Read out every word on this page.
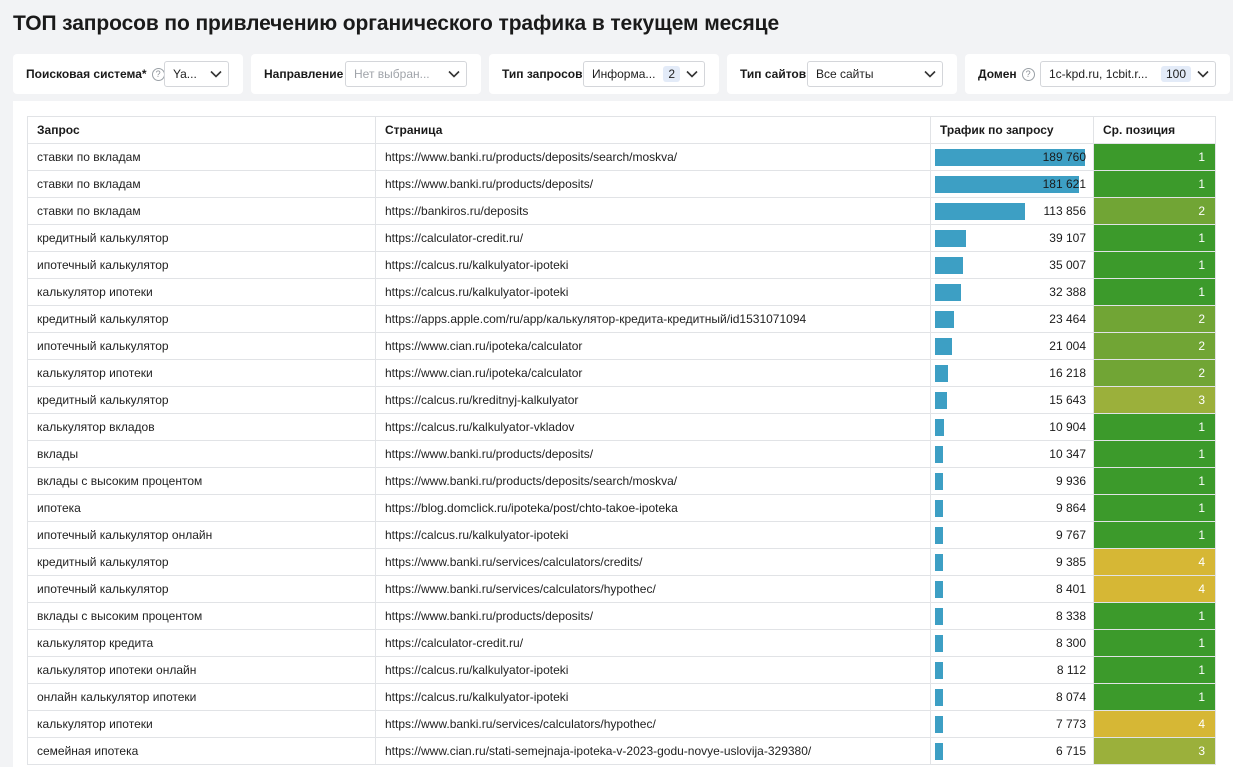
ТОП запросов по привлечению органического трафика в текущем месяце
Поисковая система* ?	Ya...	Направление Нет выбран...	Тип запросов Информа...	2	Тип сайтов Все сайты	Домен ?	1c-kpd.ru, 1cbit.r...	100
Запрос	Страница	Трафик по запросу	Ср. позиция
ставки по вкладам	https://www.banki.ru/products/deposits/search/moskva/	189 760	1
ставки по вкладам	https://www.banki.ru/products/deposits/	181 621	1
ставки по вкладам	https://bankiros.ru/deposits	113 856	2
кредитный калькулятор	https://calculator-credit.ru/	39 107	1
ипотечный калькулятор	https://calcus.ru/kalkulyator-ipoteki	35 007	1
калькулятор ипотеки	https://calcus.ru/kalkulyator-ipoteki	32 388	1
кредитный калькулятор	https://apps.apple.com/ru/app/калькулятор-кредита-кредитный/id1531071094	23 464	2
ипотечный калькулятор	https://www.cian.ru/ipoteka/calculator	21 004	2
калькулятор ипотеки	https://www.cian.ru/ipoteka/calculator	16 218	2
кредитный калькулятор	https://calcus.ru/kreditnyj-kalkulyator	15 643	3
калькулятор вкладов	https://calcus.ru/kalkulyator-vkladov	10 904	1
вклады	https://www.banki.ru/products/deposits/	10 347	1
вклады с высоким процентом	https://www.banki.ru/products/deposits/search/moskva/	9 936	1
ипотека	https://blog.domclick.ru/ipoteka/post/chto-takoe-ipoteka	9 864	1
ипотечный калькулятор онлайн	https://calcus.ru/kalkulyator-ipoteki	9 767	1
кредитный калькулятор	https://www.banki.ru/services/calculators/credits/	9 385	4
ипотечный калькулятор	https://www.banki.ru/services/calculators/hypothec/	8 401	4
вклады с высоким процентом	https://www.banki.ru/products/deposits/	8 338	1
калькулятор кредита	https://calculator-credit.ru/	8 300	1
калькулятор ипотеки онлайн	https://calcus.ru/kalkulyator-ipoteki	8 112	1
онлайн калькулятор ипотеки	https://calcus.ru/kalkulyator-ipoteki	8 074	1
калькулятор ипотеки	https://www.banki.ru/services/calculators/hypothec/	7 773	4
семейная ипотека	https://www.cian.ru/stati-semejnaja-ipoteka-v-2023-godu-novye-uslovija-329380/	6 715	3
